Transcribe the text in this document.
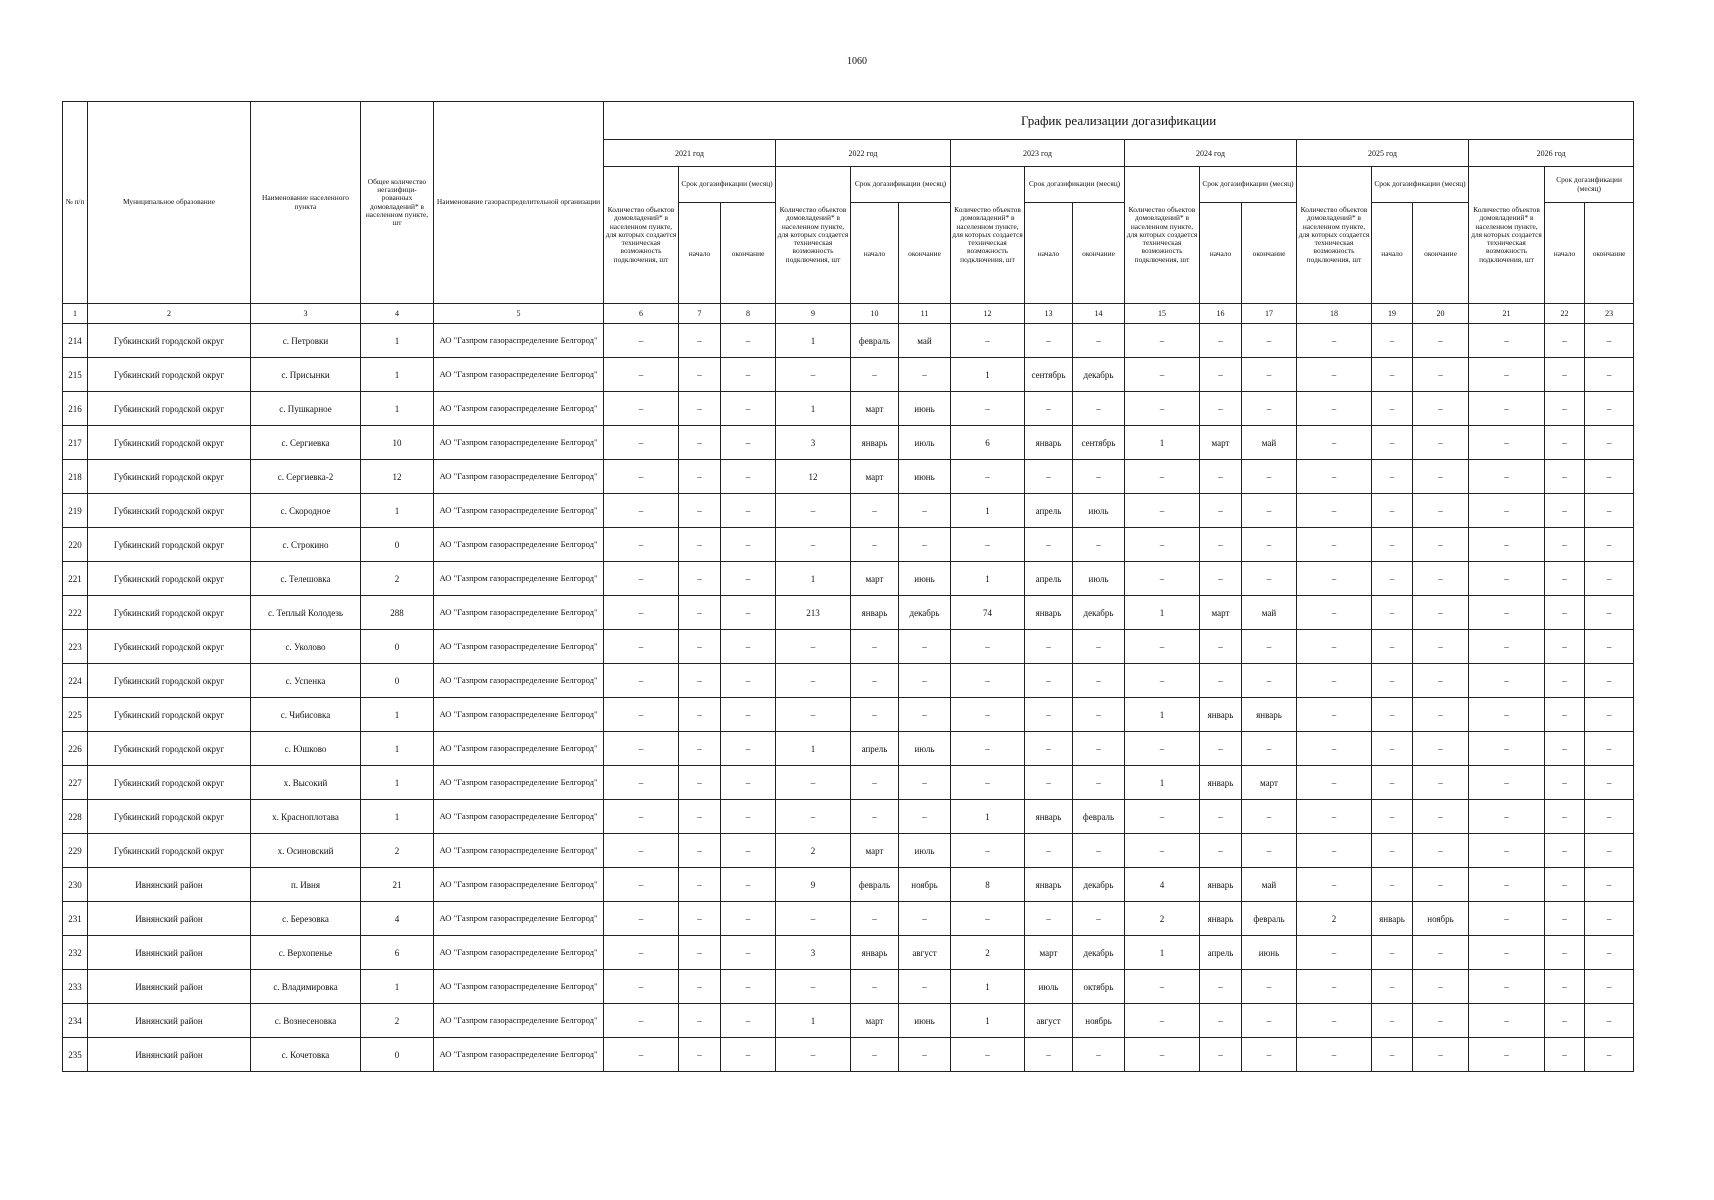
1060
№ п/п	Муниципальное образование	Наименование населенного пункта	Общее количество негазифици-рованных домовладений* в населенном пункте, шт	Наименование газораспределительной организации	График реализации догазификации																	
					2021 год			2022 год			2023 год			2024 год			2025 год			2026 год		
					Количество объектов домовладений* в населенном пункте, для которых создается техническая возможность подключения, шт	Срок догазификации (месяц)		Количество объектов домовладений* в населенном пункте, для которых создается техническая возможность подключения, шт	Срок догазификации (месяц)		Количество объектов домовладений* в населенном пункте, для которых создается техническая возможность подключения, шт	Срок догазификации (месяц)		Количество объектов домовладений* в населенном пункте, для которых создается техническая возможность подключения, шт	Срок догазификации (месяц)		Количество объектов домовладений* в населенном пункте, для которых создается техническая возможность подключения, шт	Срок догазификации (месяц)		Количество объектов домовладений* в населенном пункте, для которых создается техническая возможность подключения, шт	Срок догазификации (месяц)	
						начало	окончание		начало	окончание		начало	окончание		начало	окончание		начало	окончание		начало	окончание
1	2	3	4	5	6	7	8	9	10	11	12	13	14	15	16	17	18	19	20	21	22	23
214	Губкинский городской округ	с. Петровки	1	АО "Газпром газораспределение Белгород"	–	–	–	1	февраль	май	–	–	–	–	–	–	–	–	–	–	–	–
215	Губкинский городской округ	с. Присынки	1	АО "Газпром газораспределение Белгород"	–	–	–	–	–	–	1	сентябрь	декабрь	–	–	–	–	–	–	–	–	–
216	Губкинский городской округ	с. Пушкарное	1	АО "Газпром газораспределение Белгород"	–	–	–	1	март	июнь	–	–	–	–	–	–	–	–	–	–	–	–
217	Губкинский городской округ	с. Сергиевка	10	АО "Газпром газораспределение Белгород"	–	–	–	3	январь	июль	6	январь	сентябрь	1	март	май	–	–	–	–	–	–
218	Губкинский городской округ	с. Сергиевка-2	12	АО "Газпром газораспределение Белгород"	–	–	–	12	март	июнь	–	–	–	–	–	–	–	–	–	–	–	–
219	Губкинский городской округ	с. Скородное	1	АО "Газпром газораспределение Белгород"	–	–	–	–	–	–	1	апрель	июль	–	–	–	–	–	–	–	–	–
220	Губкинский городской округ	с. Строкино	0	АО "Газпром газораспределение Белгород"	–	–	–	–	–	–	–	–	–	–	–	–	–	–	–	–	–	–
221	Губкинский городской округ	с. Телешовка	2	АО "Газпром газораспределение Белгород"	–	–	–	1	март	июнь	1	апрель	июль	–	–	–	–	–	–	–	–	–
222	Губкинский городской округ	с. Теплый Колодезь	288	АО "Газпром газораспределение Белгород"	–	–	–	213	январь	декабрь	74	январь	декабрь	1	март	май	–	–	–	–	–	–
223	Губкинский городской округ	с. Уколово	0	АО "Газпром газораспределение Белгород"	–	–	–	–	–	–	–	–	–	–	–	–	–	–	–	–	–	–
224	Губкинский городской округ	с. Успенка	0	АО "Газпром газораспределение Белгород"	–	–	–	–	–	–	–	–	–	–	–	–	–	–	–	–	–	–
225	Губкинский городской округ	с. Чибисовка	1	АО "Газпром газораспределение Белгород"	–	–	–	–	–	–	–	–	–	1	январь	январь	–	–	–	–	–	–
226	Губкинский городской округ	с. Юшково	1	АО "Газпром газораспределение Белгород"	–	–	–	1	апрель	июль	–	–	–	–	–	–	–	–	–	–	–	–
227	Губкинский городской округ	х. Высокий	1	АО "Газпром газораспределение Белгород"	–	–	–	–	–	–	–	–	–	1	январь	март	–	–	–	–	–	–
228	Губкинский городской округ	х. Красноплотава	1	АО "Газпром газораспределение Белгород"	–	–	–	–	–	–	1	январь	февраль	–	–	–	–	–	–	–	–	–
229	Губкинский городской округ	х. Осиновский	2	АО "Газпром газораспределение Белгород"	–	–	–	2	март	июль	–	–	–	–	–	–	–	–	–	–	–	–
230	Ивнянский район	п. Ивня	21	АО "Газпром газораспределение Белгород"	–	–	–	9	февраль	ноябрь	8	январь	декабрь	4	январь	май	–	–	–	–	–	–
231	Ивнянский район	с. Березовка	4	АО "Газпром газораспределение Белгород"	–	–	–	–	–	–	–	–	–	2	январь	февраль	2	январь	ноябрь	–	–	–
232	Ивнянский район	с. Верхопенье	6	АО "Газпром газораспределение Белгород"	–	–	–	3	январь	август	2	март	декабрь	1	апрель	июнь	–	–	–	–	–	–
233	Ивнянский район	с. Владимировка	1	АО "Газпром газораспределение Белгород"	–	–	–	–	–	–	1	июль	октябрь	–	–	–	–	–	–	–	–	–
234	Ивнянский район	с. Вознесеновка	2	АО "Газпром газораспределение Белгород"	–	–	–	1	март	июнь	1	август	ноябрь	–	–	–	–	–	–	–	–	–
235	Ивнянский район	с. Кочетовка	0	АО "Газпром газораспределение Белгород"	–	–	–	–	–	–	–	–	–	–	–	–	–	–	–	–	–	–
